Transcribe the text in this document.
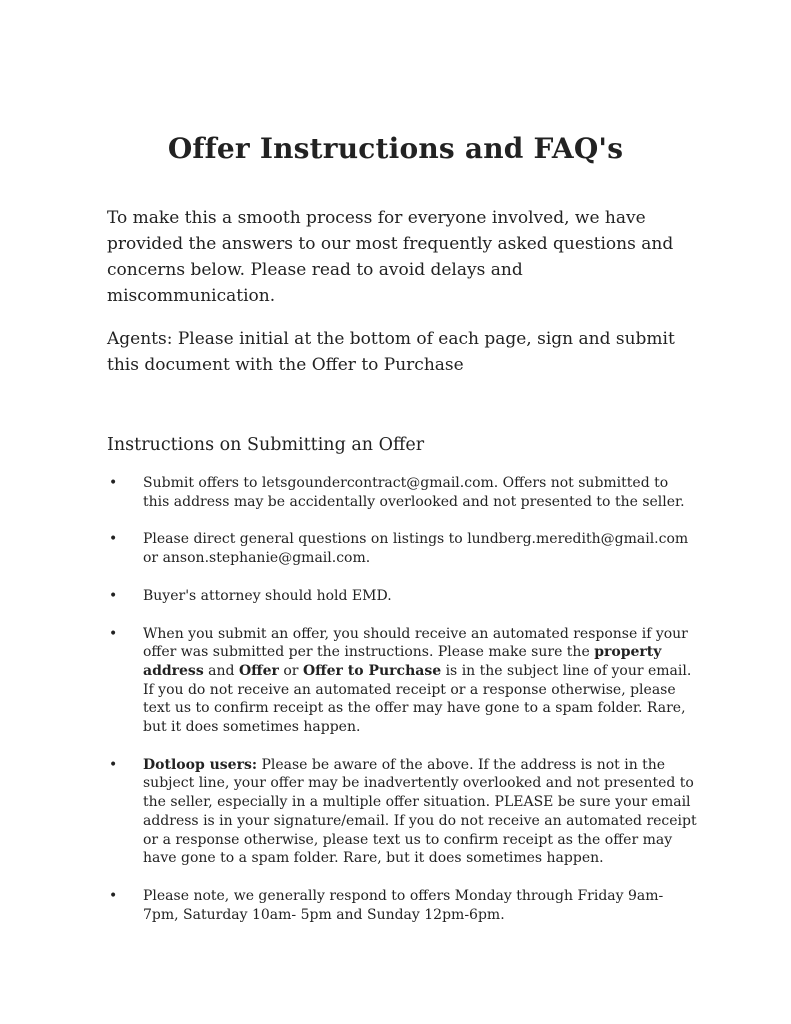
Offer Instructions and FAQ's

To make this a smooth process for everyone involved, we have provided the answers to our most frequently asked questions and concerns below. Please read to avoid delays and miscommunication.

Agents: Please initial at the bottom of each page, sign and submit this document with the Offer to Purchase

Instructions on Submitting an Offer
• Submit offers to letsgoundercontract@gmail.com. Offers not submitted to this address may be accidentally overlooked and not presented to the seller.
• Please direct general questions on listings to lundberg.meredith@gmail.com or anson.stephanie@gmail.com.
• Buyer's attorney should hold EMD.
• When you submit an offer, you should receive an automated response if your offer was submitted per the instructions. Please make sure the property address and Offer or Offer to Purchase is in the subject line of your email. If you do not receive an automated receipt or a response otherwise, please text us to confirm receipt as the offer may have gone to a spam folder. Rare, but it does sometimes happen.
• Dotloop users: Please be aware of the above. If the address is not in the subject line, your offer may be inadvertently overlooked and not presented to the seller, especially in a multiple offer situation. PLEASE be sure your email address is in your signature/email. If you do not receive an automated receipt or a response otherwise, please text us to confirm receipt as the offer may have gone to a spam folder. Rare, but it does sometimes happen.
• Please note, we generally respond to offers Monday through Friday 9am-7pm, Saturday 10am- 5pm and Sunday 12pm-6pm.
